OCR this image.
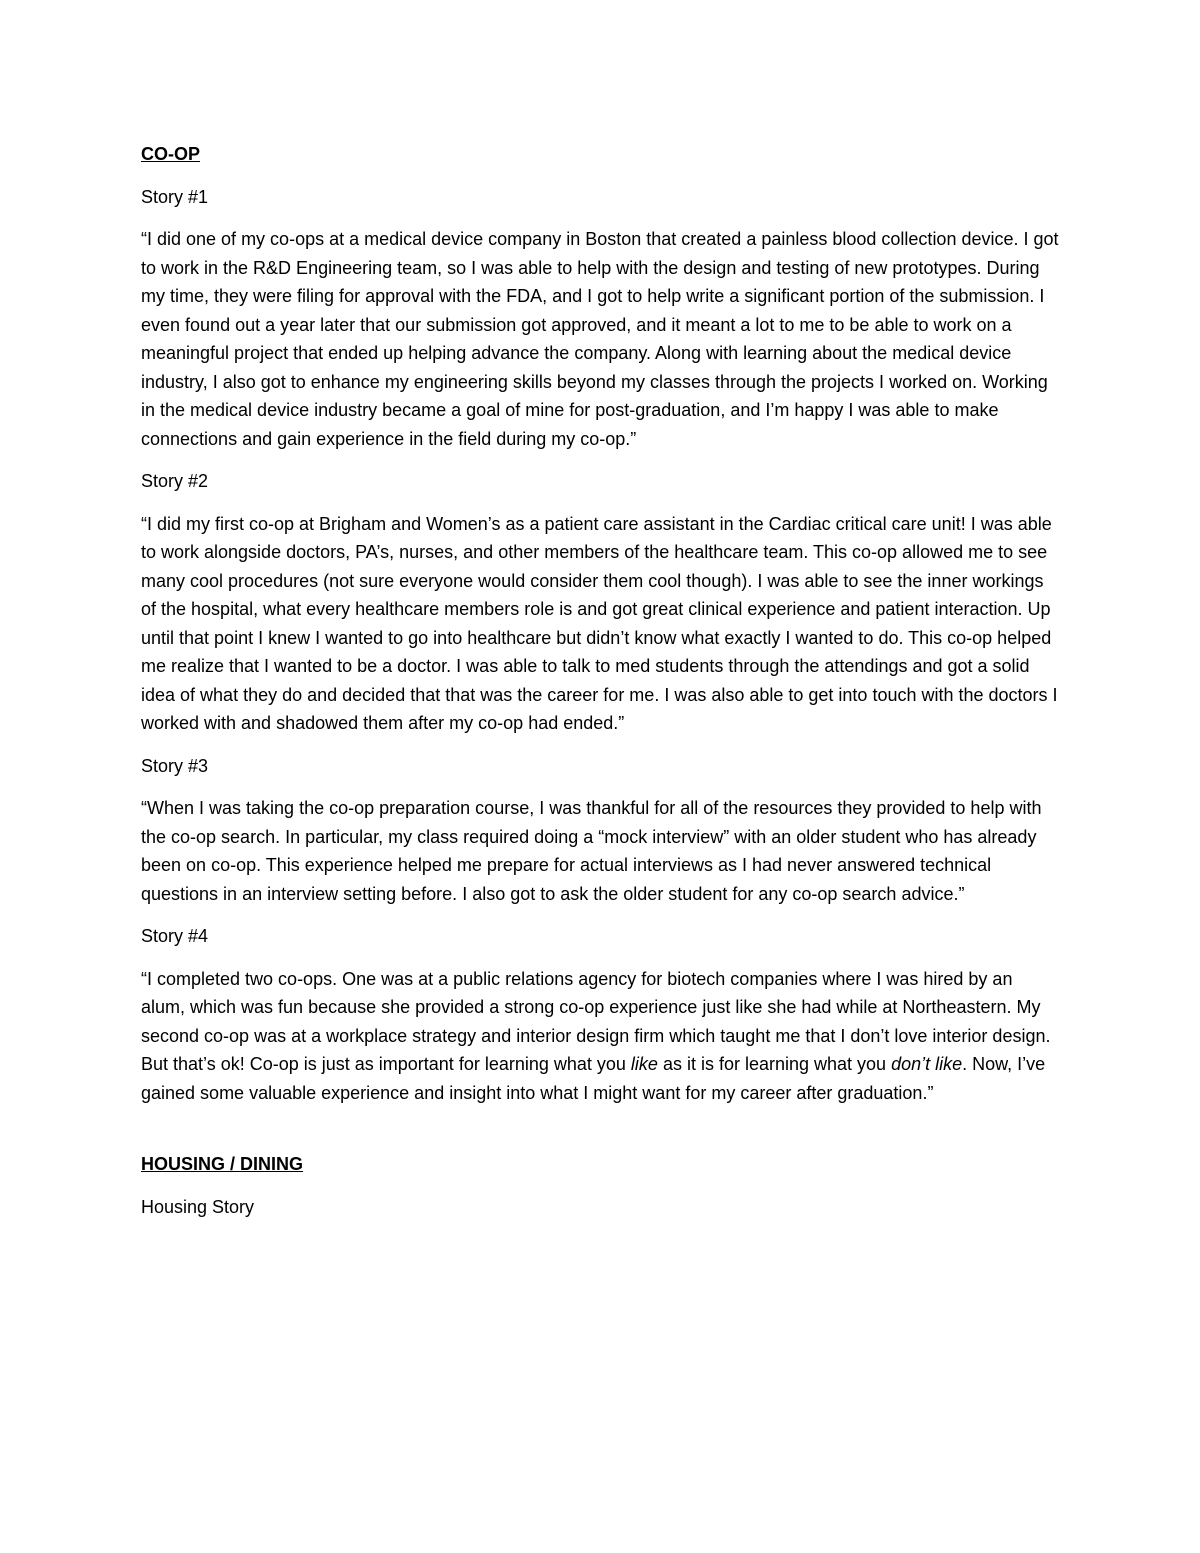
CO-OP
Story #1
“I did one of my co-ops at a medical device company in Boston that created a painless blood collection device. I got to work in the R&D Engineering team, so I was able to help with the design and testing of new prototypes. During my time, they were filing for approval with the FDA, and I got to help write a significant portion of the submission. I even found out a year later that our submission got approved, and it meant a lot to me to be able to work on a meaningful project that ended up helping advance the company. Along with learning about the medical device industry, I also got to enhance my engineering skills beyond my classes through the projects I worked on. Working in the medical device industry became a goal of mine for post-graduation, and I’m happy I was able to make connections and gain experience in the field during my co-op.”
Story #2
“I did my first co-op at Brigham and Women’s as a patient care assistant in the Cardiac critical care unit! I was able to work alongside doctors, PA’s, nurses, and other members of the healthcare team. This co-op allowed me to see many cool procedures (not sure everyone would consider them cool though). I was able to see the inner workings of the hospital, what every healthcare members role is and got great clinical experience and patient interaction. Up until that point I knew I wanted to go into healthcare but didn’t know what exactly I wanted to do. This co-op helped me realize that I wanted to be a doctor. I was able to talk to med students through the attendings and got a solid idea of what they do and decided that that was the career for me. I was also able to get into touch with the doctors I worked with and shadowed them after my co-op had ended.”
Story #3
“When I was taking the co-op preparation course, I was thankful for all of the resources they provided to help with the co-op search. In particular, my class required doing a “mock interview” with an older student who has already been on co-op. This experience helped me prepare for actual interviews as I had never answered technical questions in an interview setting before. I also got to ask the older student for any co-op search advice.”
Story #4
“I completed two co-ops. One was at a public relations agency for biotech companies where I was hired by an alum, which was fun because she provided a strong co-op experience just like she had while at Northeastern. My second co-op was at a workplace strategy and interior design firm which taught me that I don’t love interior design. But that’s ok! Co-op is just as important for learning what you like as it is for learning what you don’t like. Now, I’ve gained some valuable experience and insight into what I might want for my career after graduation.”
HOUSING / DINING
Housing Story
